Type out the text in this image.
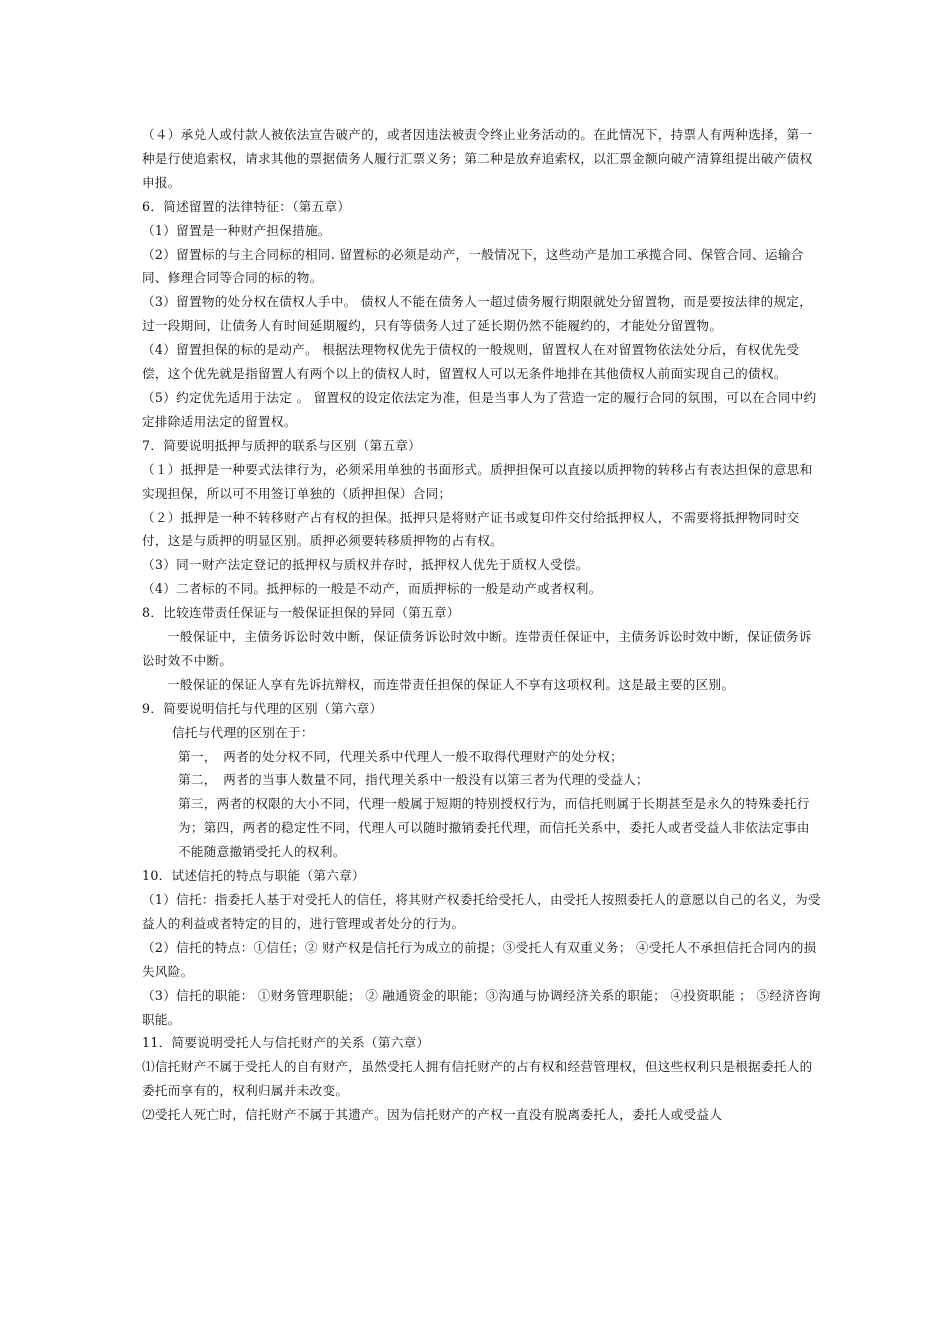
（４）承兑人或付款人被依法宣告破产的，或者因违法被责令终止业务活动的。在此情况下，持票人有两种选择，第一种是行使追索权，请求其他的票据债务人履行汇票义务；第二种是放弃追索权，以汇票金额向破产清算组提出破产债权申报。

6．简述留置的法律特征：（第五章）

（1）留置是一种财产担保措施。

（2）留置标的与主合同标的相同. 留置标的必须是动产，一般情况下，这些动产是加工承揽合同、保管合同、运输合同、修理合同等合同的标的物。

（3）留置物的处分权在债权人手中。 债权人不能在债务人一超过债务履行期限就处分留置物，而是要按法律的规定，过一段期间，让债务人有时间延期履约，只有等债务人过了延长期仍然不能履约的，才能处分留置物。

（4）留置担保的标的是动产。 根据法理物权优先于债权的一般规则，留置权人在对留置物依法处分后，有权优先受偿，这个优先就是指留置人有两个以上的债权人时，留置权人可以无条件地排在其他债权人前面实现自己的债权。

（5）约定优先适用于法定 。 留置权的设定依法定为准，但是当事人为了营造一定的履行合同的氛围，可以在合同中约定排除适用法定的留置权。

7．简要说明抵押与质押的联系与区别（第五章）

（１）抵押是一种要式法律行为，必须采用单独的书面形式。质押担保可以直接以质押物的转移占有表达担保的意思和实现担保，所以可不用签订单独的（质押担保）合同；

（２）抵押是一种不转移财产占有权的担保。抵押只是将财产证书或复印件交付给抵押权人，不需要将抵押物同时交付，这是与质押的明显区别。质押必须要转移质押物的占有权。

（3）同一财产法定登记的抵押权与质权并存时，抵押权人优先于质权人受偿。

（4）二者标的不同。抵押标的一般是不动产，而质押标的一般是动产或者权利。

8．比较连带责任保证与一般保证担保的异同（第五章）

一般保证中，主债务诉讼时效中断，保证债务诉讼时效中断。连带责任保证中，主债务诉讼时效中断，保证债务诉讼时效不中断。

一般保证的保证人享有先诉抗辩权，而连带责任担保的保证人不享有这项权利。这是最主要的区别。

9．简要说明信托与代理的区别（第六章）

信托与代理的区别在于：

第一，　两者的处分权不同，代理关系中代理人一般不取得代理财产的处分权；

第二，　两者的当事人数量不同，指代理关系中一般没有以第三者为代理的受益人；

第三，两者的权限的大小不同，代理一般属于短期的特别授权行为，而信托则属于长期甚至是永久的特殊委托行为；第四，两者的稳定性不同，代理人可以随时撤销委托代理，而信托关系中，委托人或者受益人非依法定事由不能随意撤销受托人的权利。

10．试述信托的特点与职能（第六章）

（1）信托：指委托人基于对受托人的信任，将其财产权委托给受托人，由受托人按照委托人的意愿以自己的名义，为受益人的利益或者特定的目的，进行管理或者处分的行为。

（2）信托的特点：①信任；② 财产权是信托行为成立的前提；③受托人有双重义务； ④受托人不承担信托合同内的损失风险。

（3）信托的职能： ①财务管理职能； ② 融通资金的职能；③沟通与协调经济关系的职能； ④投资职能 ； ⑤经济咨询职能。

11．简要说明受托人与信托财产的关系（第六章）

⑴信托财产不属于受托人的自有财产，虽然受托人拥有信托财产的占有权和经营管理权，但这些权利只是根据委托人的委托而享有的，权利归属并未改变。

⑵受托人死亡时，信托财产不属于其遗产。因为信托财产的产权一直没有脱离委托人，委托人或受益人
